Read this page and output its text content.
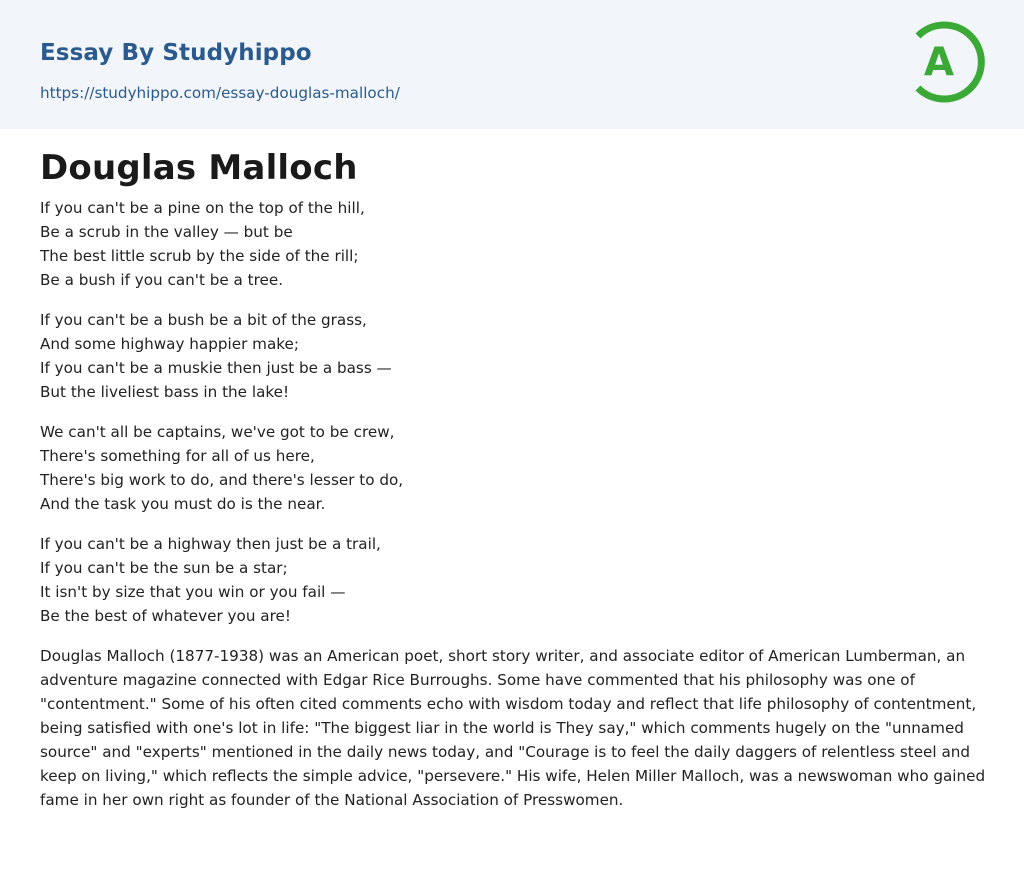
Essay By Studyhippo
https://studyhippo.com/essay-douglas-malloch/
A
Douglas Malloch

If you can't be a pine on the top of the hill,
Be a scrub in the valley — but be
The best little scrub by the side of the rill;
Be a bush if you can't be a tree.

If you can't be a bush be a bit of the grass,
And some highway happier make;
If you can't be a muskie then just be a bass —
But the liveliest bass in the lake!

We can't all be captains, we've got to be crew,
There's something for all of us here,
There's big work to do, and there's lesser to do,
And the task you must do is the near.

If you can't be a highway then just be a trail,
If you can't be the sun be a star;
It isn't by size that you win or you fail —
Be the best of whatever you are!

Douglas Malloch (1877-1938) was an American poet, short story writer, and associate editor of American Lumberman, an adventure magazine connected with Edgar Rice Burroughs. Some have commented that his philosophy was one of "contentment." Some of his often cited comments echo with wisdom today and reflect that life philosophy of contentment, being satisfied with one's lot in life: "The biggest liar in the world is They say," which comments hugely on the "unnamed source" and "experts" mentioned in the daily news today, and "Courage is to feel the daily daggers of relentless steel and keep on living," which reflects the simple advice, "persevere." His wife, Helen Miller Malloch, was a newswoman who gained fame in her own right as founder of the National Association of Presswomen.
